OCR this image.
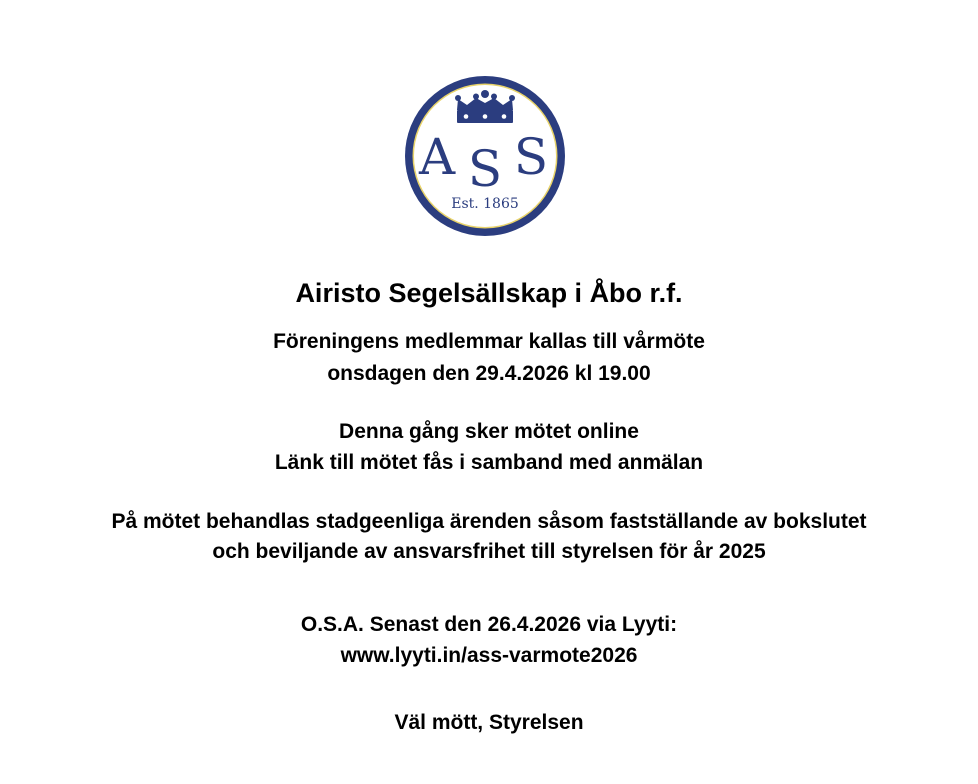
A S S
Est. 1865
Airisto Segelsällskap i Åbo r.f.
Föreningens medlemmar kallas till vårmöte
onsdagen den 29.4.2026 kl 19.00
Denna gång sker mötet online
Länk till mötet fås i samband med anmälan
På mötet behandlas stadgeenliga ärenden såsom fastställande av bokslutet
och beviljande av ansvarsfrihet till styrelsen för år 2025
O.S.A. Senast den 26.4.2026 via Lyyti:
www.lyyti.in/ass-varmote2026
Väl mött, Styrelsen
